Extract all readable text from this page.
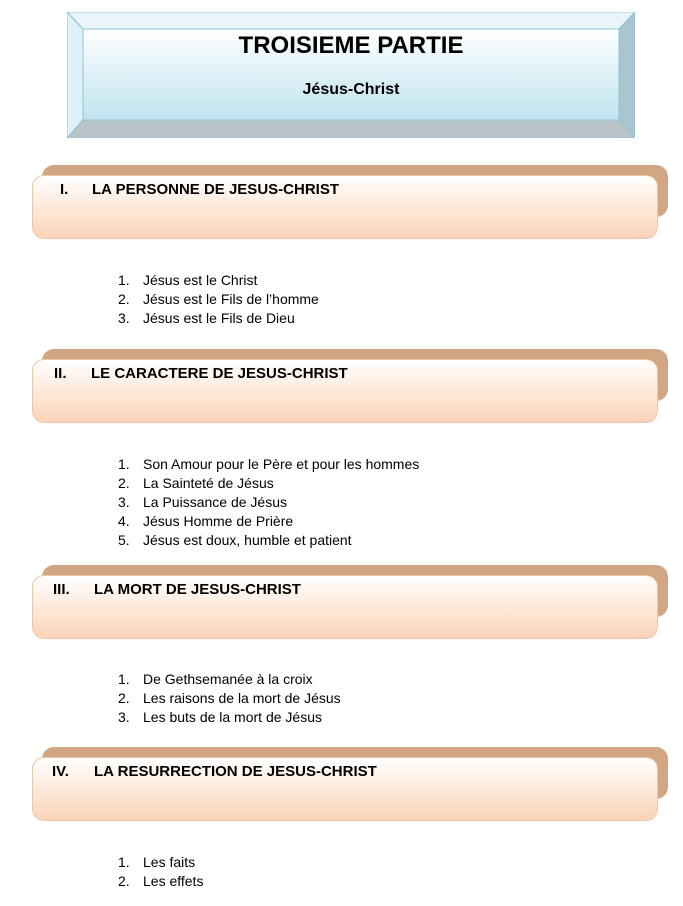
TROISIEME PARTIE
Jésus-Christ
I. LA PERSONNE DE JESUS-CHRIST
1. Jésus est le Christ
2. Jésus est le Fils de l’homme
3. Jésus est le Fils de Dieu
II. LE CARACTERE DE JESUS-CHRIST
1. Son Amour pour le Père et pour les hommes
2. La Sainteté de Jésus
3. La Puissance de Jésus
4. Jésus Homme de Prière
5. Jésus est doux, humble et patient
III. LA MORT DE JESUS-CHRIST
1. De Gethsemanée à la croix
2. Les raisons de la mort de Jésus
3. Les buts de la mort de Jésus
IV. LA RESURRECTION DE JESUS-CHRIST
1. Les faits
2. Les effets
